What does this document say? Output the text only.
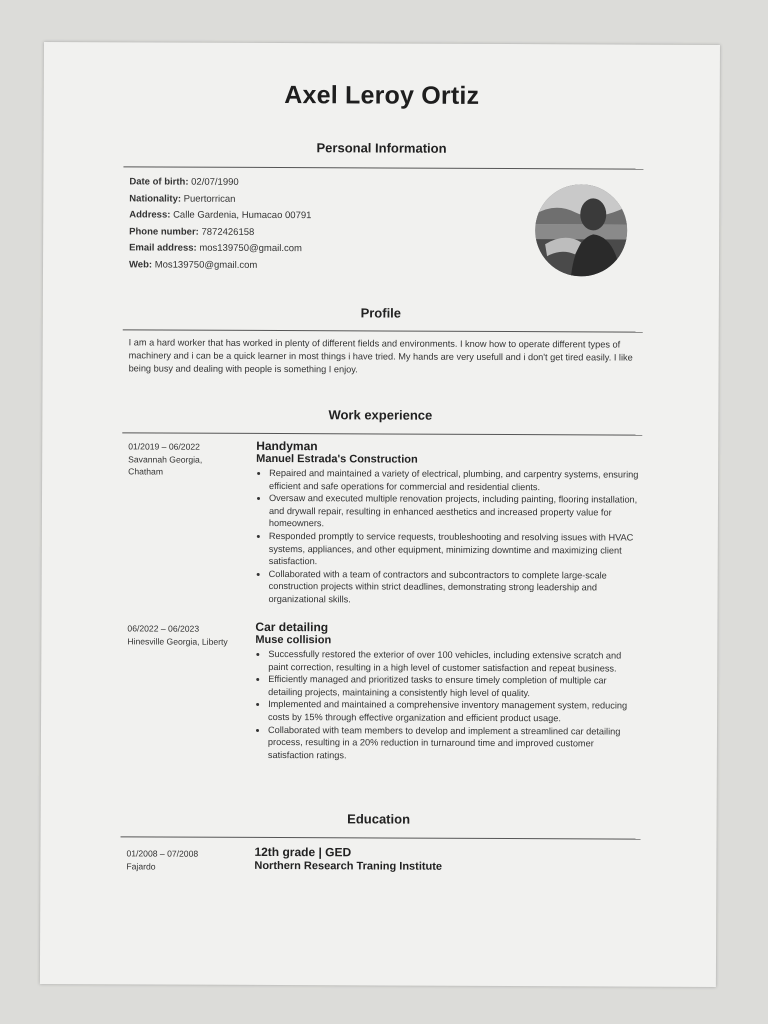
Axel Leroy Ortiz
Personal Information
Date of birth: 02/07/1990
Nationality: Puertorrican
Address: Calle Gardenia, Humacao 00791
Phone number: 7872426158
Email address: mos139750@gmail.com
Web: Mos139750@gmail.com
Profile
I am a hard worker that has worked in plenty of different fields and environments. I know how to operate different types of machinery and i can be a quick learner in most things i have tried. My hands are very usefull and i don't get tired easily. I like being busy and dealing with people is something I enjoy.
Work experience
01/2019 – 06/2022
Savannah Georgia, Chatham
Handyman
Manuel Estrada's Construction
• Repaired and maintained a variety of electrical, plumbing, and carpentry systems, ensuring efficient and safe operations for commercial and residential clients.
• Oversaw and executed multiple renovation projects, including painting, flooring installation, and drywall repair, resulting in enhanced aesthetics and increased property value for homeowners.
• Responded promptly to service requests, troubleshooting and resolving issues with HVAC systems, appliances, and other equipment, minimizing downtime and maximizing client satisfaction.
• Collaborated with a team of contractors and subcontractors to complete large-scale construction projects within strict deadlines, demonstrating strong leadership and organizational skills.
06/2022 – 06/2023
Hinesville Georgia, Liberty
Car detailing
Muse collision
• Successfully restored the exterior of over 100 vehicles, including extensive scratch and paint correction, resulting in a high level of customer satisfaction and repeat business.
• Efficiently managed and prioritized tasks to ensure timely completion of multiple car detailing projects, maintaining a consistently high level of quality.
• Implemented and maintained a comprehensive inventory management system, reducing costs by 15% through effective organization and efficient product usage.
• Collaborated with team members to develop and implement a streamlined car detailing process, resulting in a 20% reduction in turnaround time and improved customer satisfaction ratings.
Education
01/2008 – 07/2008
Fajardo
12th grade | GED
Northern Research Traning Institute
